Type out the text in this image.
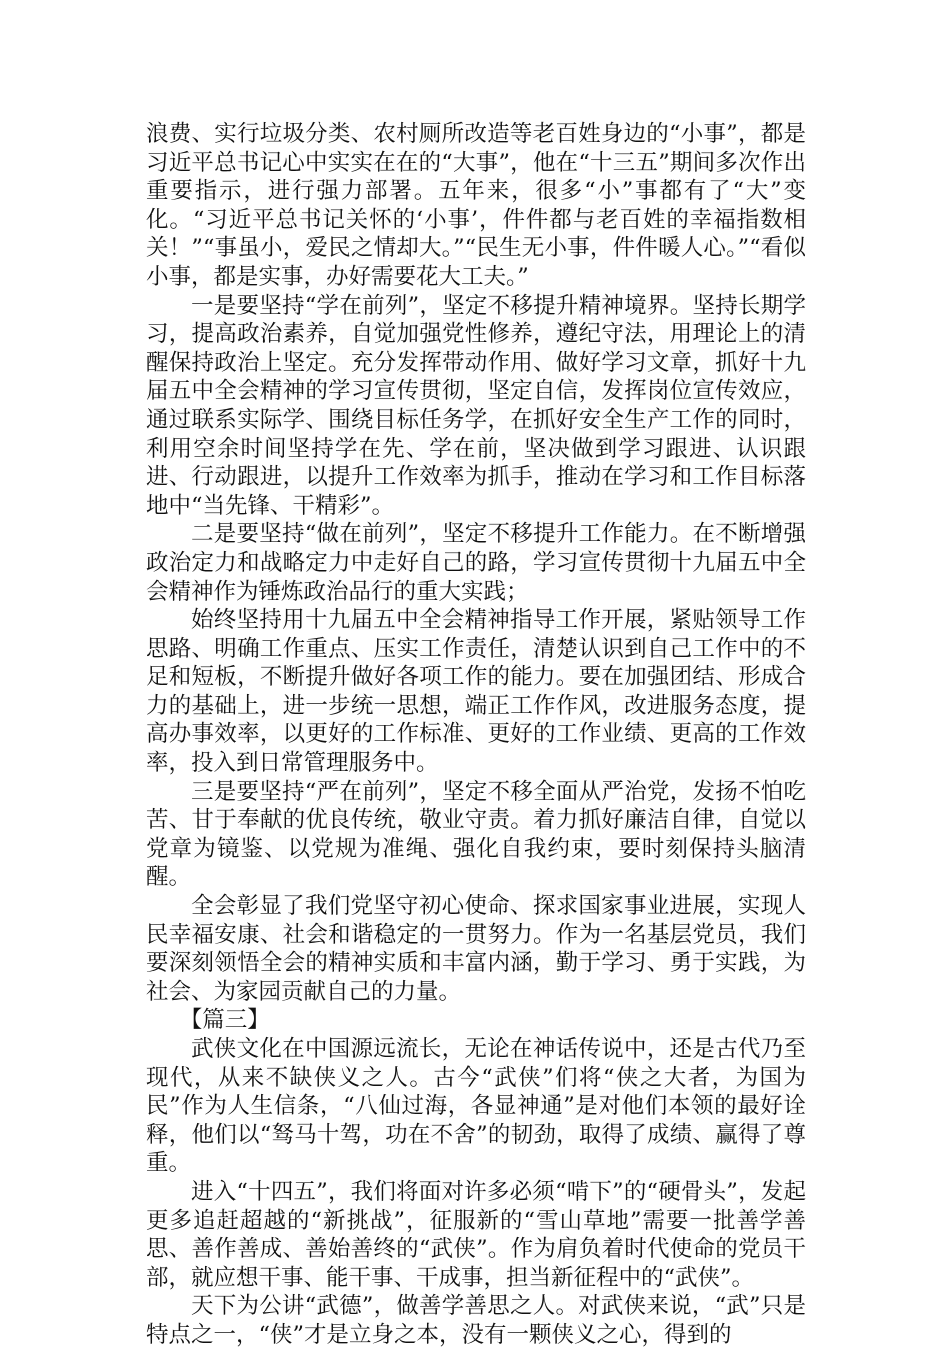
浪费、实行垃圾分类、农村厕所改造等老百姓身边的“小事”，都是习近平总书记心中实实在在的“大事”，他在“十三五”期间多次作出重要指示，进行强力部署。五年来，很多“小”事都有了“大”变化。“习近平总书记关怀的‘小事’，件件都与老百姓的幸福指数相关！”“事虽小，爱民之情却大。”“民生无小事，件件暖人心。”“看似小事，都是实事，办好需要花大工夫。”

一是要坚持“学在前列”，坚定不移提升精神境界。坚持长期学习，提高政治素养，自觉加强党性修养，遵纪守法，用理论上的清醒保持政治上坚定。充分发挥带动作用、做好学习文章，抓好十九届五中全会精神的学习宣传贯彻，坚定自信，发挥岗位宣传效应，通过联系实际学、围绕目标任务学，在抓好安全生产工作的同时，利用空余时间坚持学在先、学在前，坚决做到学习跟进、认识跟进、行动跟进，以提升工作效率为抓手，推动在学习和工作目标落地中“当先锋、干精彩”。

二是要坚持“做在前列”，坚定不移提升工作能力。在不断增强政治定力和战略定力中走好自己的路，学习宣传贯彻十九届五中全会精神作为锤炼政治品行的重大实践；

始终坚持用十九届五中全会精神指导工作开展，紧贴领导工作思路、明确工作重点、压实工作责任，清楚认识到自己工作中的不足和短板，不断提升做好各项工作的能力。要在加强团结、形成合力的基础上，进一步统一思想，端正工作作风，改进服务态度，提高办事效率，以更好的工作标准、更好的工作业绩、更高的工作效率，投入到日常管理服务中。

三是要坚持“严在前列”，坚定不移全面从严治党，发扬不怕吃苦、甘于奉献的优良传统，敬业守责。着力抓好廉洁自律，自觉以党章为镜鉴、以党规为准绳、强化自我约束，要时刻保持头脑清醒。

全会彰显了我们党坚守初心使命、探求国家事业进展，实现人民幸福安康、社会和谐稳定的一贯努力。作为一名基层党员，我们要深刻领悟全会的精神实质和丰富内涵，勤于学习、勇于实践，为社会、为家园贡献自己的力量。

【篇三】

武侠文化在中国源远流长，无论在神话传说中，还是古代乃至现代，从来不缺侠义之人。古今“武侠”们将“侠之大者，为国为民”作为人生信条，“八仙过海，各显神通”是对他们本领的最好诠释，他们以“驽马十驾，功在不舍”的韧劲，取得了成绩、赢得了尊重。

进入“十四五”，我们将面对许多必须“啃下”的“硬骨头”，发起更多追赶超越的“新挑战”，征服新的“雪山草地”需要一批善学善思、善作善成、善始善终的“武侠”。作为肩负着时代使命的党员干部，就应想干事、能干事、干成事，担当新征程中的“武侠”。

天下为公讲“武德”，做善学善思之人。对武侠来说，“武”只是特点之一，“侠”才是立身之本，没有一颗侠义之心，得到的
